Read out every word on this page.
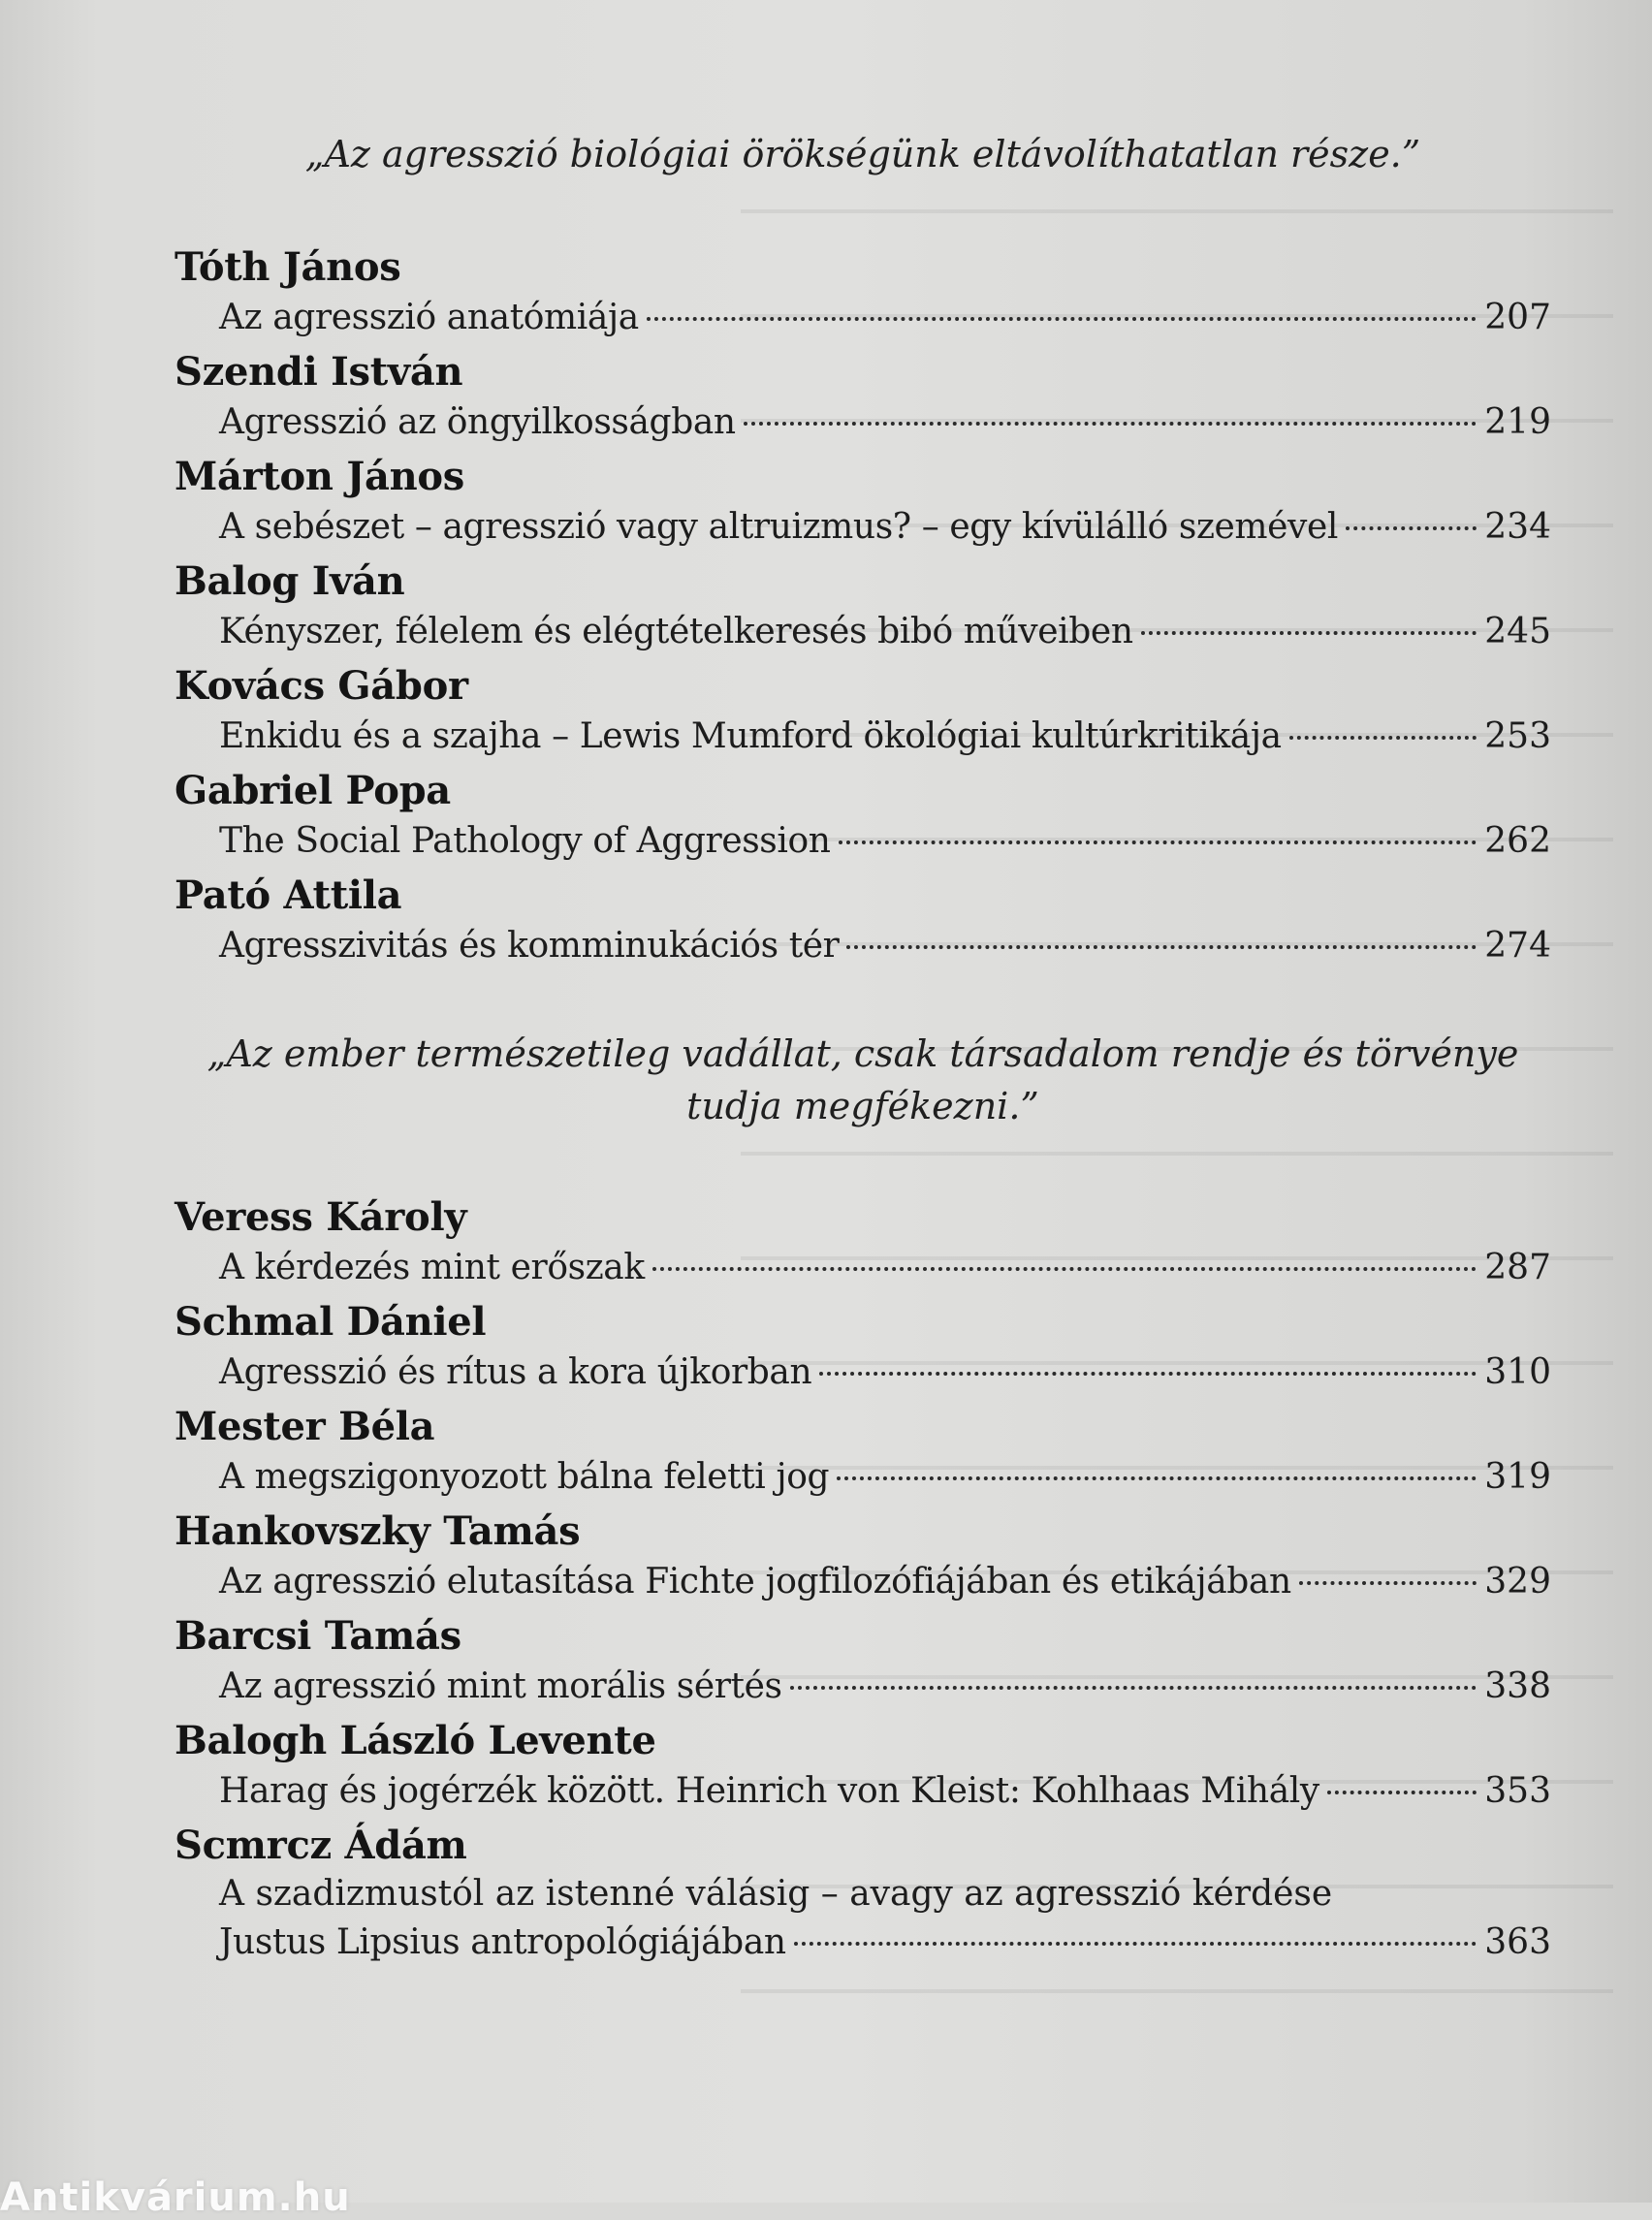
„Az agresszió biológiai örökségünk eltávolíthatatlan része.”
Tóth János
Az agresszió anatómiája	207
Szendi István
Agresszió az öngyilkosságban	219
Márton János
A sebészet – agresszió vagy altruizmus? – egy kívülálló szemével	234
Balog Iván
Kényszer, félelem és elégtételkeresés bibó műveiben	245
Kovács Gábor
Enkidu és a szajha – Lewis Mumford ökológiai kultúrkritikája	253
Gabriel Popa
The Social Pathology of Aggression	262
Pató Attila
Agresszivitás és komminukációs tér	274
„Az ember természetileg vadállat, csak társadalom rendje és törvénye tudja megfékezni.”
Veress Károly
A kérdezés mint erőszak	287
Schmal Dániel
Agresszió és rítus a kora újkorban	310
Mester Béla
A megszigonyozott bálna feletti jog	319
Hankovszky Tamás
Az agresszió elutasítása Fichte jogfilozófiájában és etikájában	329
Barcsi Tamás
Az agresszió mint morális sértés	338
Balogh László Levente
Harag és jogérzék között. Heinrich von Kleist: Kohlhaas Mihály	353
Scmrcz Ádám
A szadizmustól az istenné válásig – avagy az agresszió kérdése
Justus Lipsius antropológiájában	363
Antikvárium.hu
